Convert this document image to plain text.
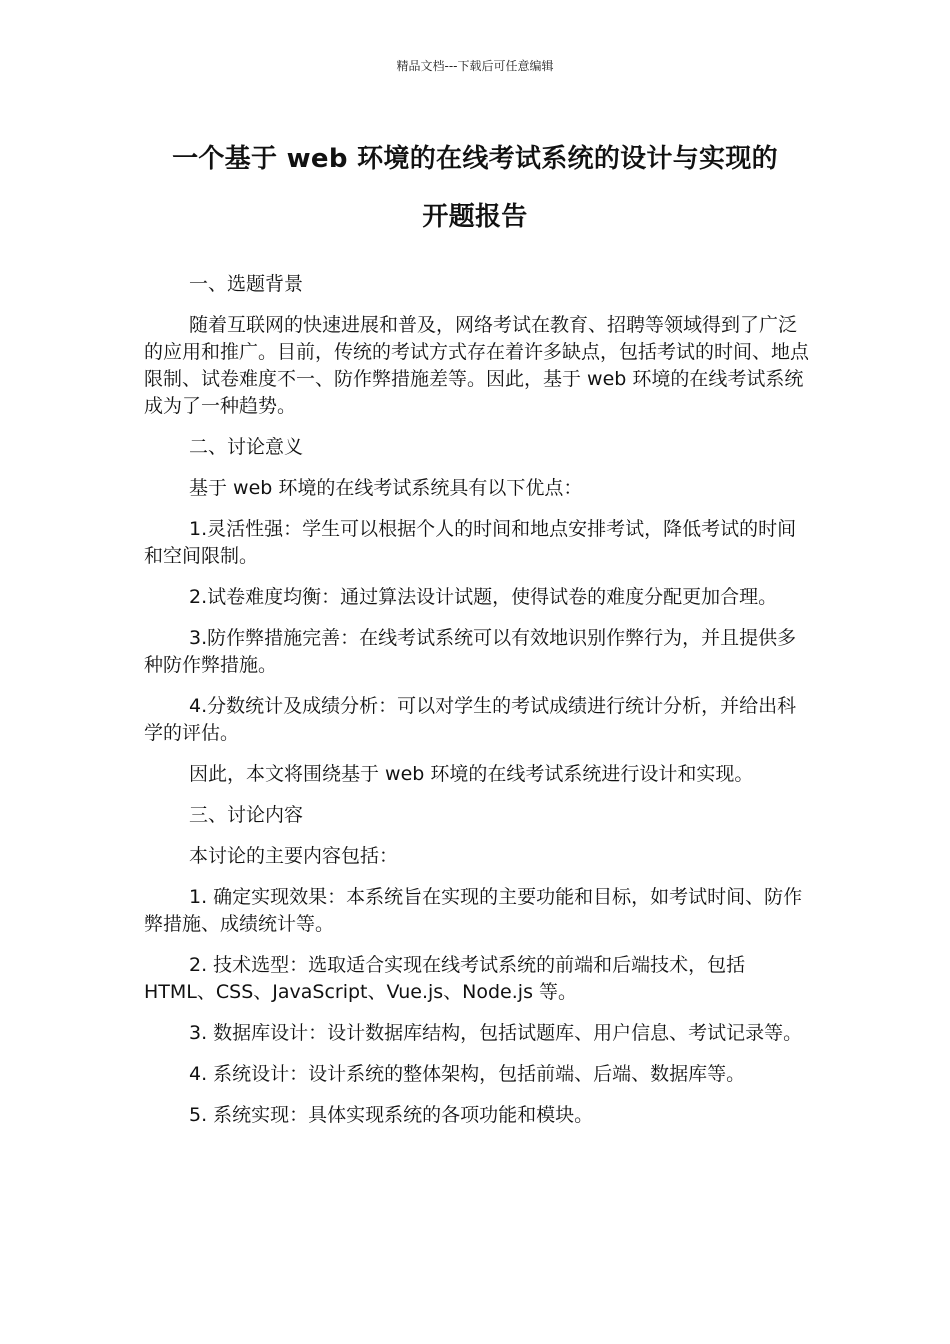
精品文档---下载后可任意编辑
一个基于 web 环境的在线考试系统的设计与实现的
开题报告

一、选题背景

随着互联网的快速进展和普及，网络考试在教育、招聘等领域得到了广泛的应用和推广。目前，传统的考试方式存在着许多缺点，包括考试的时间、地点限制、试卷难度不一、防作弊措施差等。因此，基于 web 环境的在线考试系统成为了一种趋势。

二、讨论意义

基于 web 环境的在线考试系统具有以下优点：

1.灵活性强：学生可以根据个人的时间和地点安排考试，降低考试的时间和空间限制。

2.试卷难度均衡：通过算法设计试题，使得试卷的难度分配更加合理。

3.防作弊措施完善：在线考试系统可以有效地识别作弊行为，并且提供多种防作弊措施。

4.分数统计及成绩分析：可以对学生的考试成绩进行统计分析，并给出科学的评估。

因此，本文将围绕基于 web 环境的在线考试系统进行设计和实现。

三、讨论内容

本讨论的主要内容包括：

1. 确定实现效果：本系统旨在实现的主要功能和目标，如考试时间、防作弊措施、成绩统计等。

2. 技术选型：选取适合实现在线考试系统的前端和后端技术，包括 HTML、CSS、JavaScript、Vue.js、Node.js 等。

3. 数据库设计：设计数据库结构，包括试题库、用户信息、考试记录等。

4. 系统设计：设计系统的整体架构，包括前端、后端、数据库等。

5. 系统实现：具体实现系统的各项功能和模块。
